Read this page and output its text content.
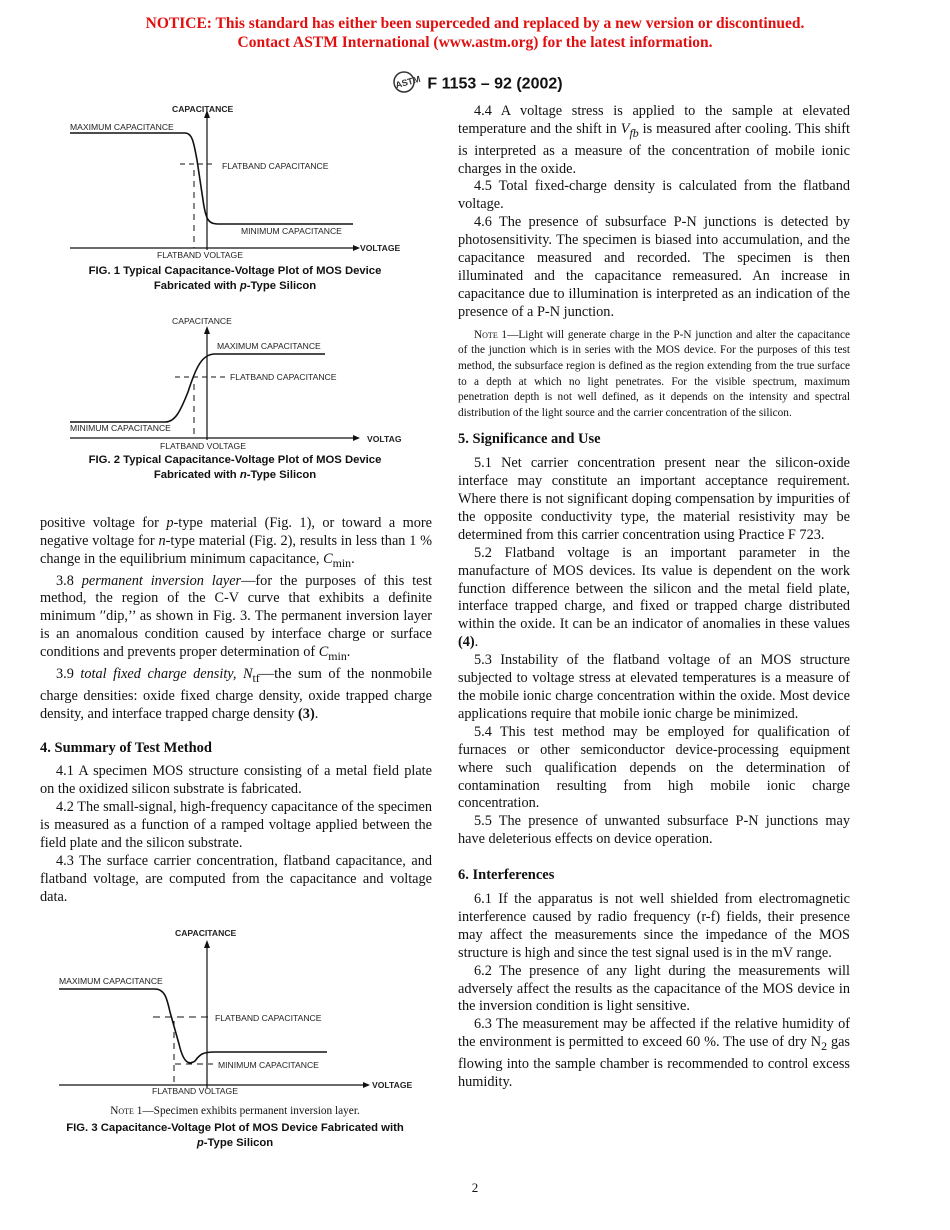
NOTICE: This standard has either been superceded and replaced by a new version or discontinued.
Contact ASTM International (www.astm.org) for the latest information.
ASTM F 1153 – 92 (2002)
CAPACITANCE
MAXIMUM CAPACITANCE
FLATBAND CAPACITANCE
MINIMUM CAPACITANCE
VOLTAGE
FLATBAND VOLTAGE
FIG. 1 Typical Capacitance-Voltage Plot of MOS Device
Fabricated with p-Type Silicon
CAPACITANCE
MAXIMUM CAPACITANCE
FLATBAND CAPACITANCE
MINIMUM CAPACITANCE
VOLTAG
FLATBAND VOLTAGE
FIG. 2 Typical Capacitance-Voltage Plot of MOS Device
Fabricated with n-Type Silicon

positive voltage for p-type material (Fig. 1), or toward a more negative voltage for n-type material (Fig. 2), results in less than 1 % change in the equilibrium minimum capacitance, $C_{min}$.

3.8 permanent inversion layer—for the purposes of this test method, the region of the C-V curve that exhibits a definite minimum ′′dip,’’ as shown in Fig. 3. The permanent inversion layer is an anomalous condition caused by interface charge or surface conditions and prevents proper determination of $C_{min}$.

3.9 total fixed charge density, $N_{tf}—the$ sum of the nonmobile charge densities: oxide fixed charge density, oxide trapped charge density, and interface trapped charge density (3).

4. Summary of Test Method

4.1 A specimen MOS structure consisting of a metal field plate on the oxidized silicon substrate is fabricated.

4.2 The small-signal, high-frequency capacitance of the specimen is measured as a function of a ramped voltage applied between the field plate and the silicon substrate.

4.3 The surface carrier concentration, flatband capacitance, and flatband voltage, are computed from the capacitance and voltage data.

CAPACITANCE
MAXIMUM CAPACITANCE
FLATBAND CAPACITANCE
MINIMUM CAPACITANCE
VOLTAGE
FLATBAND VOLTAGE
Note 1—Specimen exhibits permanent inversion layer.
FIG. 3 Capacitance-Voltage Plot of MOS Device Fabricated with
p-Type Silicon

4.4 A voltage stress is applied to the sample at elevated temperature and the shift in $V_{fb}$ is measured after cooling. This shift is interpreted as a measure of the concentration of mobile ionic charges in the oxide.

4.5 Total fixed-charge density is calculated from the flatband voltage.

4.6 The presence of subsurface P-N junctions is detected by photosensitivity. The specimen is biased into accumulation, and the capacitance measured and recorded. The specimen is then illuminated and the capacitance remeasured. An increase in capacitance due to illumination is interpreted as an indication of the presence of a P-N junction.

Note 1—Light will generate charge in the P-N junction and alter the capacitance of the junction which is in series with the MOS device. For the purposes of this test method, the subsurface region is defined as the region extending from the true surface to a depth at which no light penetrates. For the visible spectrum, maximum penetration depth is not well defined, as it depends on the intensity and spectral distribution of the light source and the carrier concentration of the silicon.

5. Significance and Use

5.1 Net carrier concentration present near the silicon-oxide interface may constitute an important acceptance requirement. Where there is not significant doping compensation by impurities of the opposite conductivity type, the material resistivity may be determined from this carrier concentration using Practice F 723.

5.2 Flatband voltage is an important parameter in the manufacture of MOS devices. Its value is dependent on the work function difference between the silicon and the metal field plate, interface trapped charge, and fixed or trapped charge distributed within the oxide. It can be an indicator of anomalies in these values (4).

5.3 Instability of the flatband voltage of an MOS structure subjected to voltage stress at elevated temperatures is a measure of the mobile ionic charge concentration within the oxide. Most device applications require that mobile ionic charge be minimized.

5.4 This test method may be employed for qualification of furnaces or other semiconductor device-processing equipment where such qualification depends on the determination of contamination resulting from high mobile ionic charge concentration.

5.5 The presence of unwanted subsurface P-N junctions may have deleterious effects on device operation.

6. Interferences

6.1 If the apparatus is not well shielded from electromagnetic interference caused by radio frequency (r-f) fields, their presence may affect the measurements since the impedance of the MOS structure is high and since the test signal used is in the mV range.

6.2 The presence of any light during the measurements will adversely affect the results as the capacitance of the MOS device in the inversion condition is light sensitive.

6.3 The measurement may be affected if the relative humidity of the environment is permitted to exceed 60 %. The use of dry $N_2$ gas flowing into the sample chamber is recommended to control excess humidity.

2
